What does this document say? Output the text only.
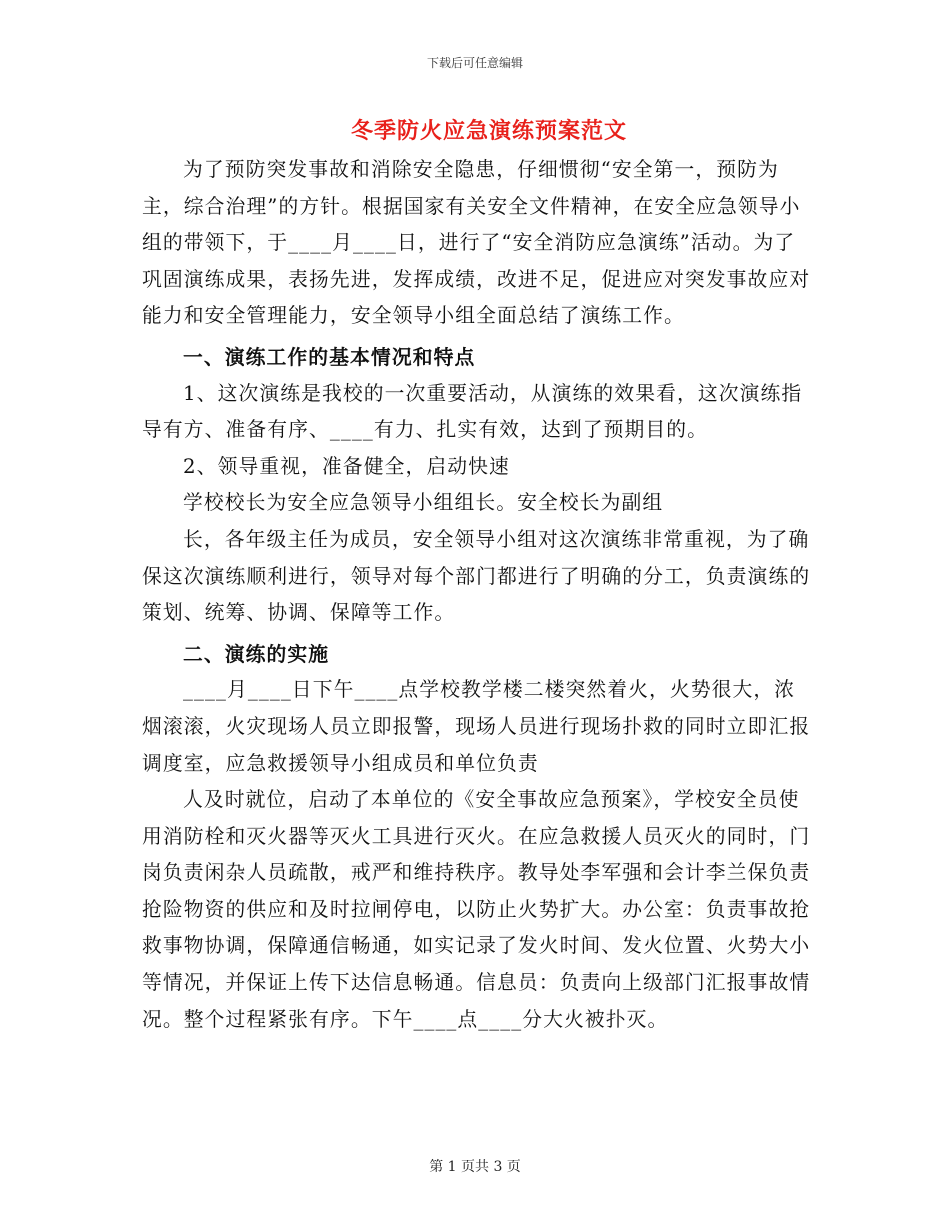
下载后可任意编辑
冬季防火应急演练预案范文

为了预防突发事故和消除安全隐患，仔细惯彻“安全第一，预防为主，综合治理”的方针。根据国家有关安全文件精神，在安全应急领导小组的带领下，于____月____日，进行了“安全消防应急演练”活动。为了巩固演练成果，表扬先进，发挥成绩，改进不足，促进应对突发事故应对能力和安全管理能力，安全领导小组全面总结了演练工作。

一、演练工作的基本情况和特点

1、这次演练是我校的一次重要活动，从演练的效果看，这次演练指导有方、准备有序、____有力、扎实有效，达到了预期目的。

2、领导重视，准备健全，启动快速

学校校长为安全应急领导小组组长。安全校长为副组

长，各年级主任为成员，安全领导小组对这次演练非常重视，为了确保这次演练顺利进行，领导对每个部门都进行了明确的分工，负责演练的策划、统筹、协调、保障等工作。

二、演练的实施

____月____日下午____点学校教学楼二楼突然着火，火势很大，浓烟滚滚，火灾现场人员立即报警，现场人员进行现场扑救的同时立即汇报调度室，应急救援领导小组成员和单位负责

人及时就位，启动了本单位的《安全事故应急预案》，学校安全员使用消防栓和灭火器等灭火工具进行灭火。在应急救援人员灭火的同时，门岗负责闲杂人员疏散，戒严和维持秩序。教导处李军强和会计李兰保负责抢险物资的供应和及时拉闸停电，以防止火势扩大。办公室：负责事故抢救事物协调，保障通信畅通，如实记录了发火时间、发火位置、火势大小等情况，并保证上传下达信息畅通。信息员：负责向上级部门汇报事故情况。整个过程紧张有序。下午____点____分大火被扑灭。

第 1 页共 3 页
